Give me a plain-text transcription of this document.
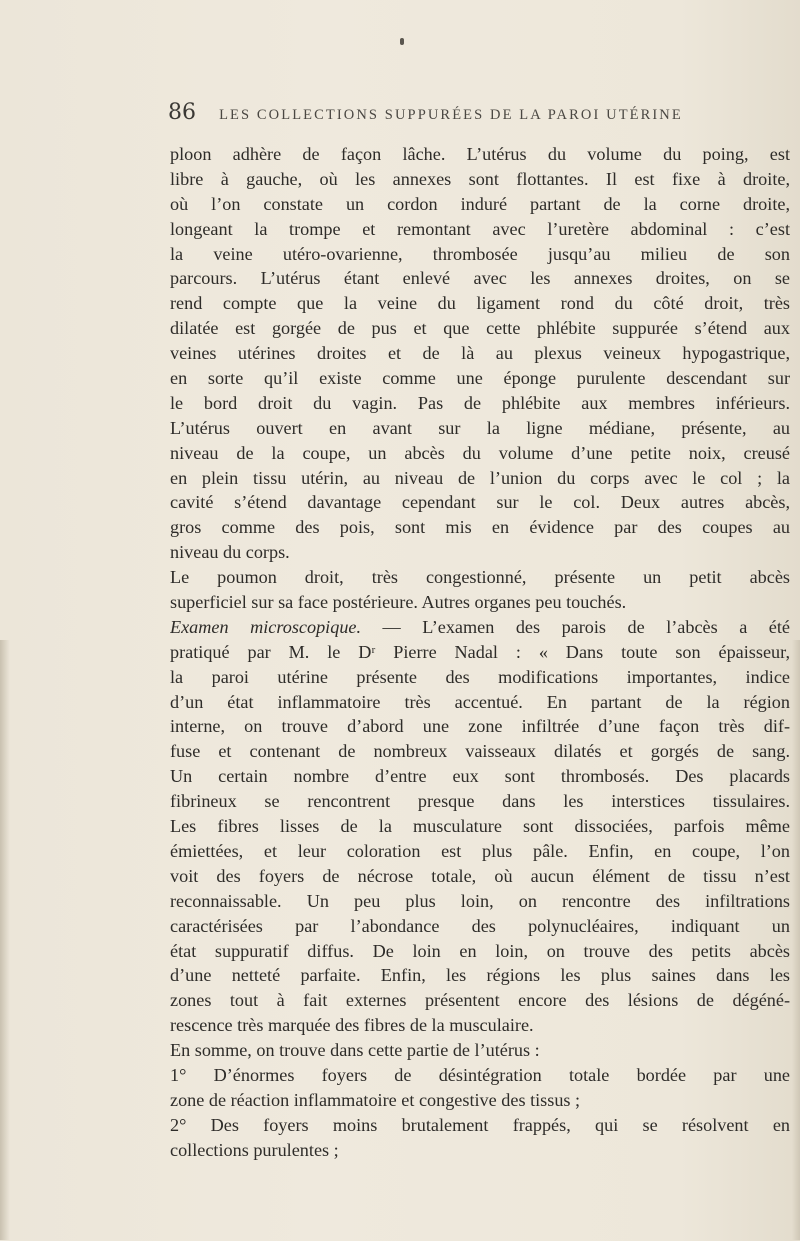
86 LES COLLECTIONS SUPPURÉES DE LA PAROI UTÉRINE
ploon adhère de façon lâche. L’utérus du volume du poing, est
libre à gauche, où les annexes sont flottantes. Il est fixe à droite,
où l’on constate un cordon induré partant de la corne droite,
longeant la trompe et remontant avec l’uretère abdominal : c’est
la veine utéro-ovarienne, thrombosée jusqu’au milieu de son
parcours. L’utérus étant enlevé avec les annexes droites, on se
rend compte que la veine du ligament rond du côté droit, très
dilatée est gorgée de pus et que cette phlébite suppurée s’étend aux
veines utérines droites et de là au plexus veineux hypogastrique,
en sorte qu’il existe comme une éponge purulente descendant sur
le bord droit du vagin. Pas de phlébite aux membres inférieurs.
L’utérus ouvert en avant sur la ligne médiane, présente, au
niveau de la coupe, un abcès du volume d’une petite noix, creusé
en plein tissu utérin, au niveau de l’union du corps avec le col ; la
cavité s’étend davantage cependant sur le col. Deux autres abcès,
gros comme des pois, sont mis en évidence par des coupes au
niveau du corps.
Le poumon droit, très congestionné, présente un petit abcès
superficiel sur sa face postérieure. Autres organes peu touchés.
Examen microscopique. — L’examen des parois de l’abcès a été
pratiqué par M. le Dʳ Pierre Nadal : « Dans toute son épaisseur,
la paroi utérine présente des modifications importantes, indice
d’un état inflammatoire très accentué. En partant de la région
interne, on trouve d’abord une zone infiltrée d’une façon très dif-
fuse et contenant de nombreux vaisseaux dilatés et gorgés de sang.
Un certain nombre d’entre eux sont thrombosés. Des placards
fibrineux se rencontrent presque dans les interstices tissulaires.
Les fibres lisses de la musculature sont dissociées, parfois même
émiettées, et leur coloration est plus pâle. Enfin, en coupe, l’on
voit des foyers de nécrose totale, où aucun élément de tissu n’est
reconnaissable. Un peu plus loin, on rencontre des infiltrations
caractérisées par l’abondance des polynucléaires, indiquant un
état suppuratif diffus. De loin en loin, on trouve des petits abcès
d’une netteté parfaite. Enfin, les régions les plus saines dans les
zones tout à fait externes présentent encore des lésions de dégéné-
rescence très marquée des fibres de la musculaire.
En somme, on trouve dans cette partie de l’utérus :
1° D’énormes foyers de désintégration totale bordée par une
zone de réaction inflammatoire et congestive des tissus ;
2° Des foyers moins brutalement frappés, qui se résolvent en
collections purulentes ;
